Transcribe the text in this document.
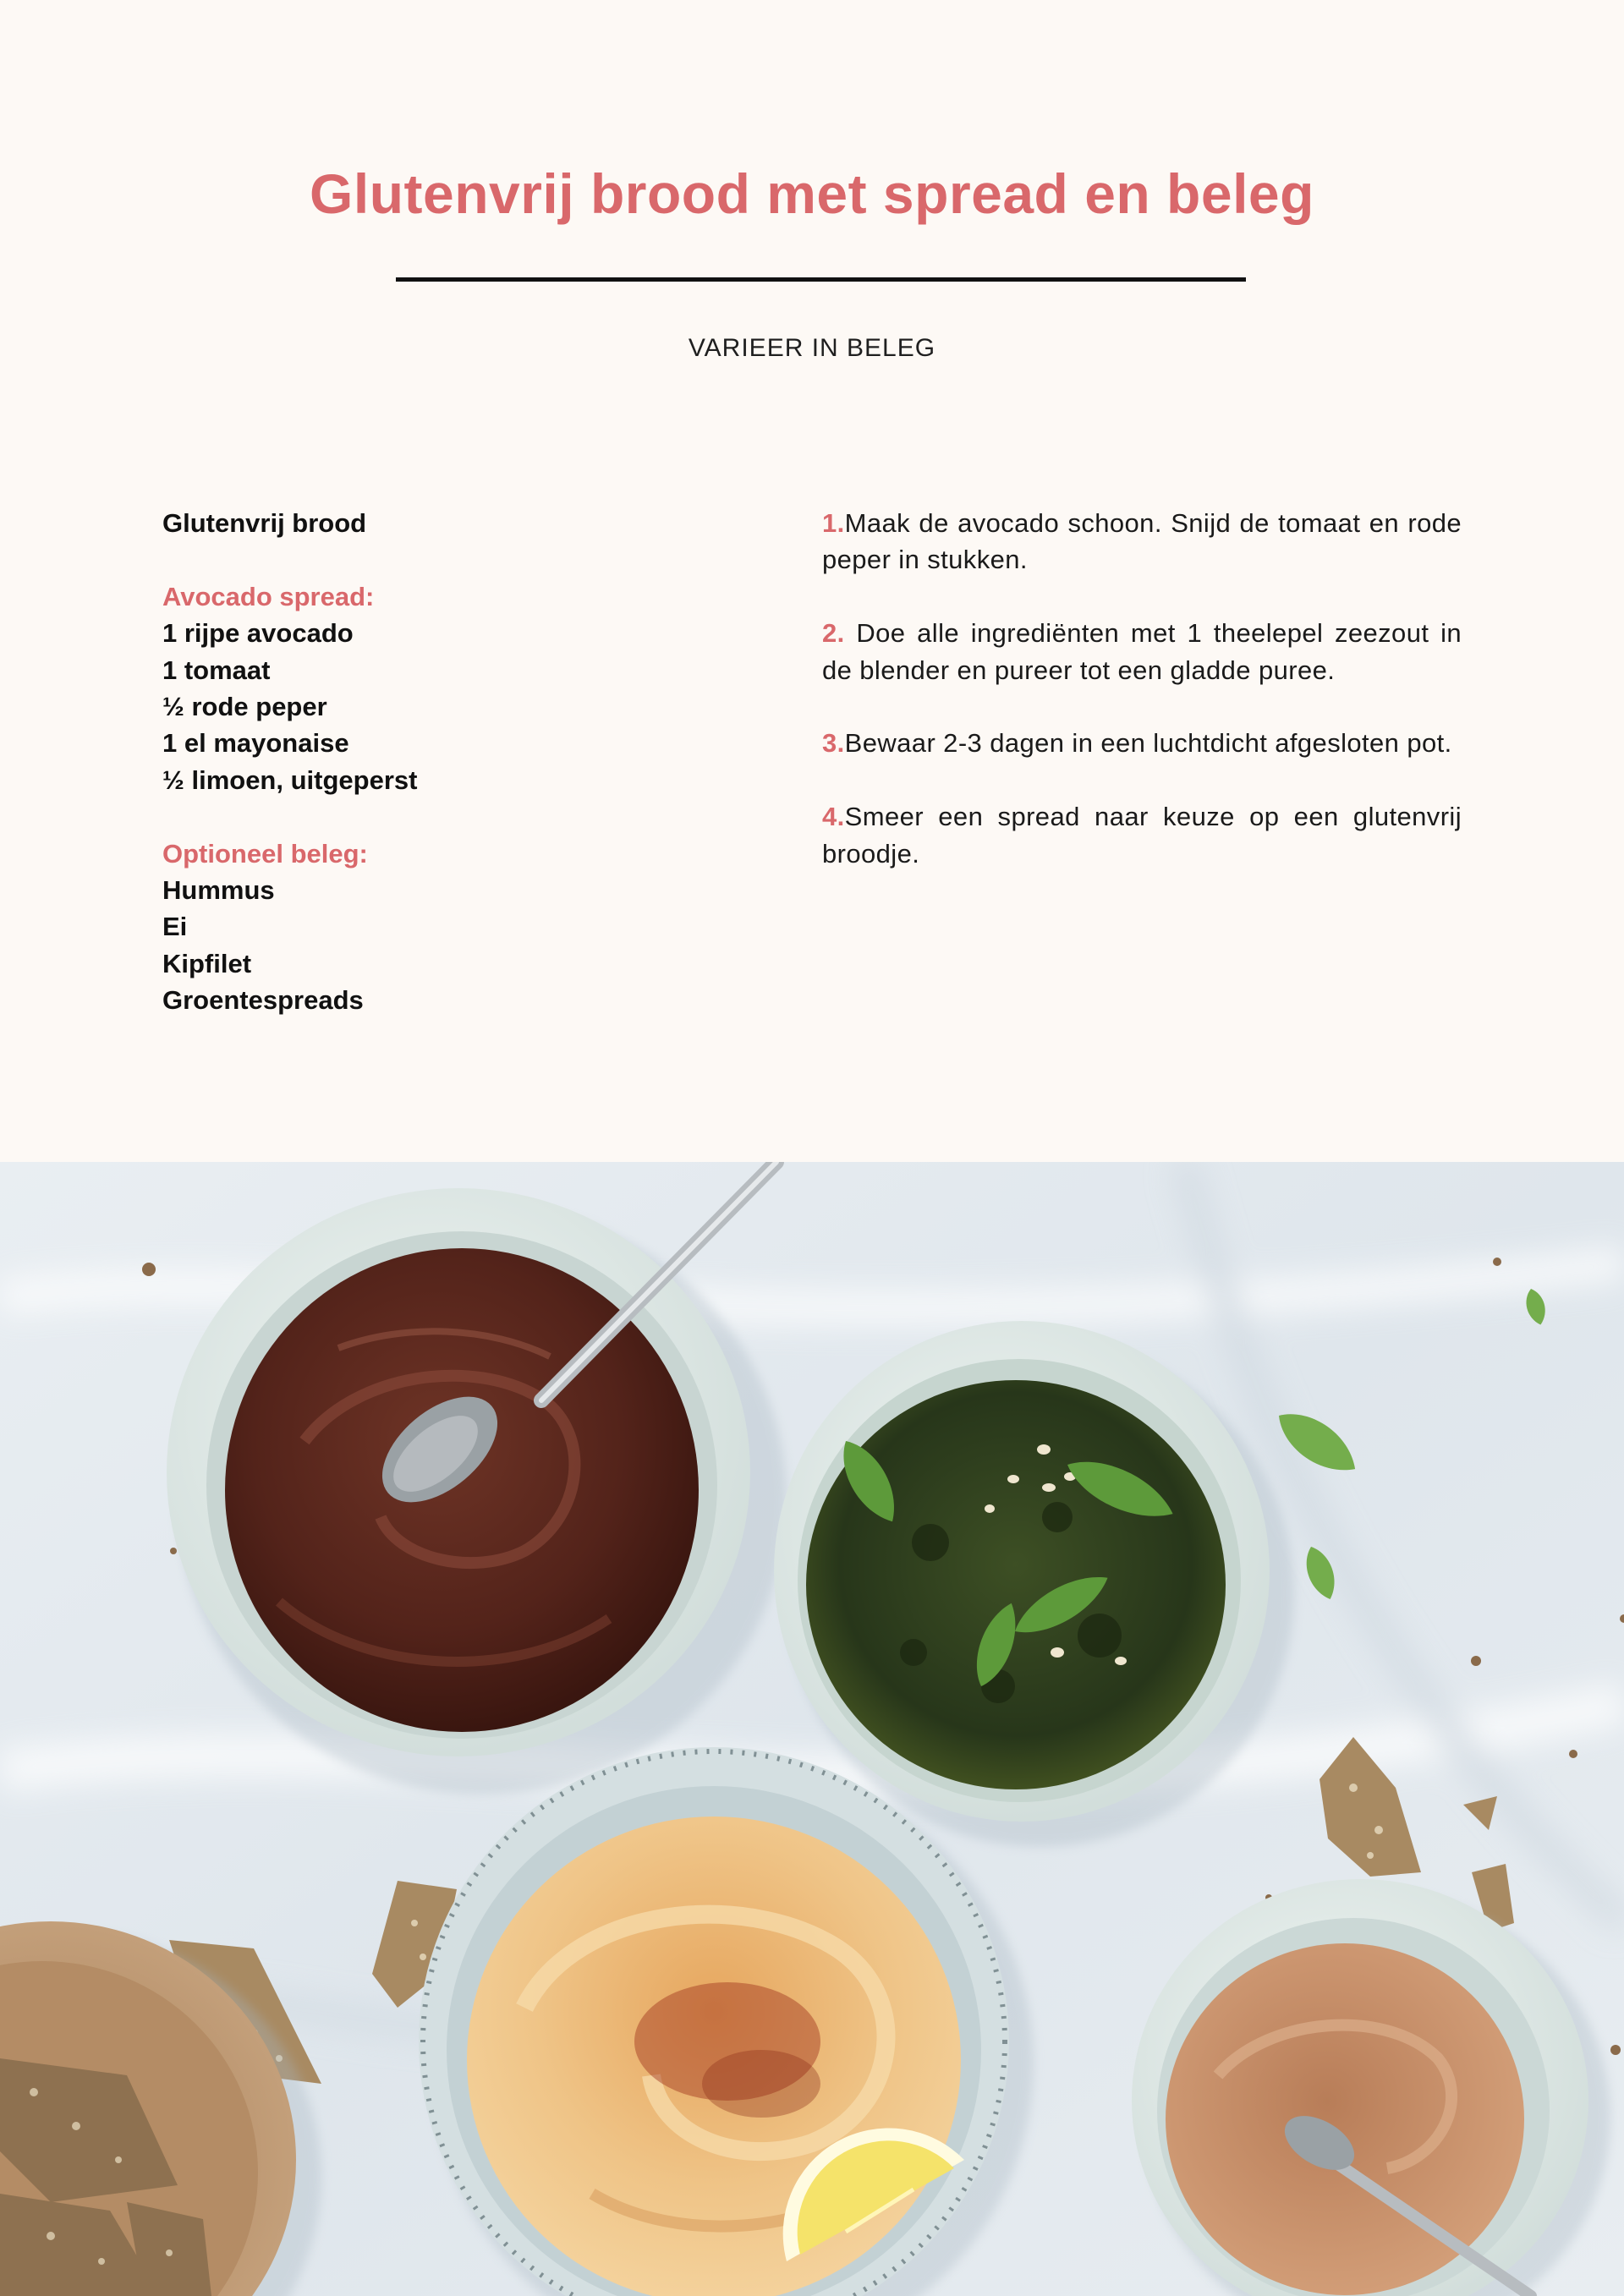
Glutenvrij brood met spread en beleg
VARIEER IN BELEG
Glutenvrij brood
Avocado spread:
1 rijpe avocado
1 tomaat
½ rode peper
1 el mayonaise
½ limoen, uitgeperst
Optioneel beleg:
Hummus
Ei
Kipfilet
Groentespreads

1.Maak de avocado schoon. Snijd de tomaat en rode peper in stukken.

2. Doe alle ingrediënten met 1 theelepel zeezout in de blender en pureer tot een gladde puree.

3.Bewaar 2-3 dagen in een luchtdicht afgesloten pot.

4.Smeer een spread naar keuze op een glutenvrij broodje.
